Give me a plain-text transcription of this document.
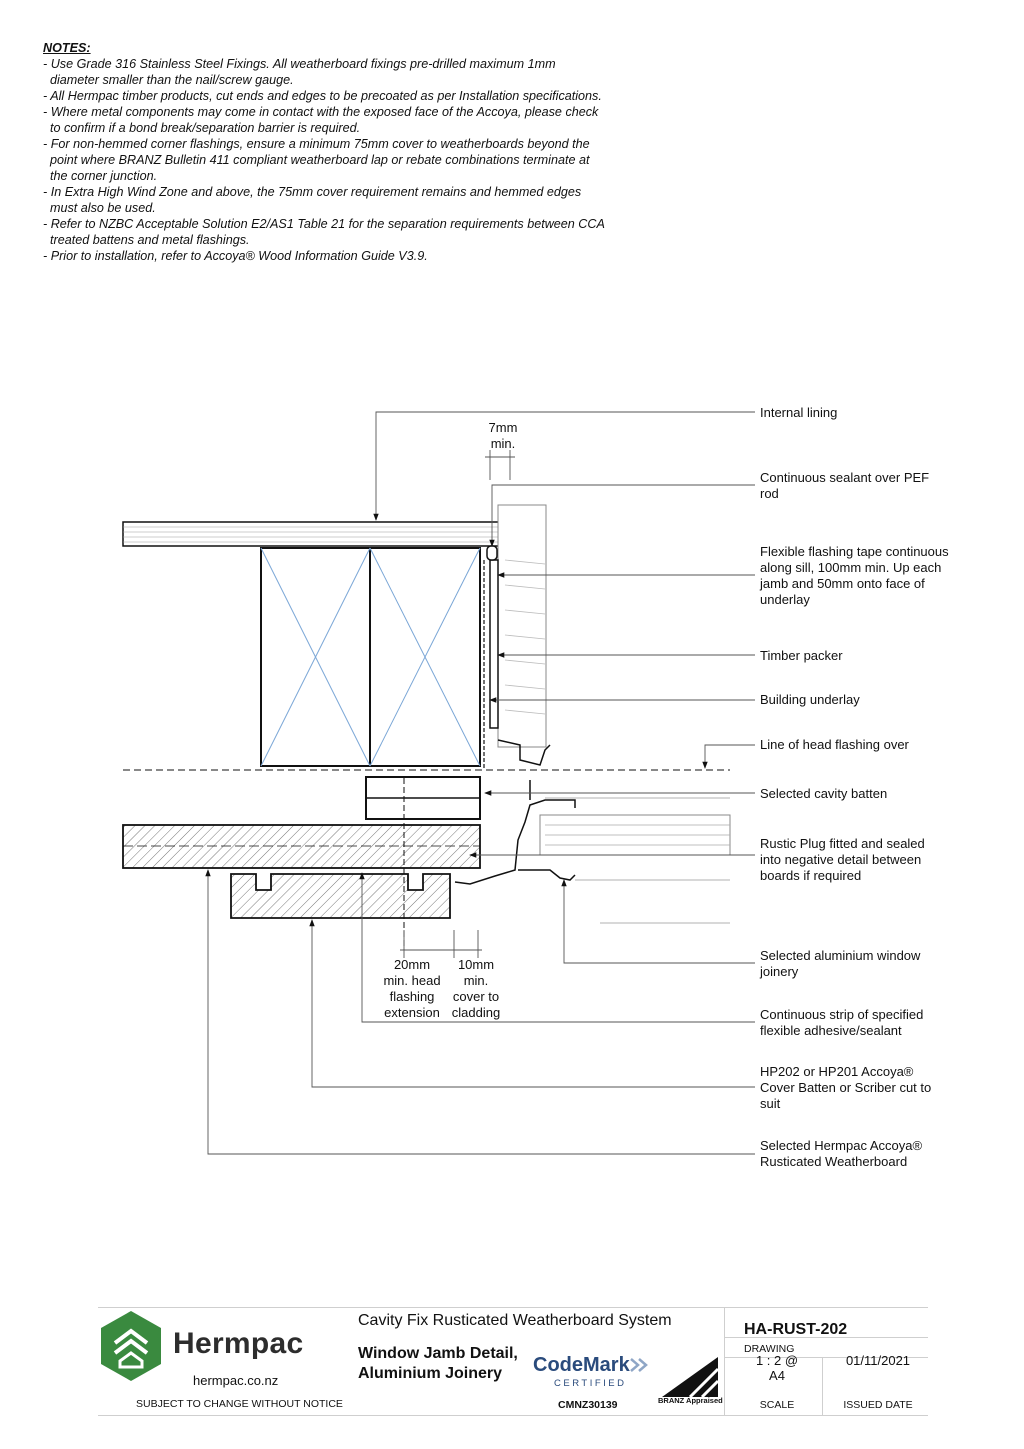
NOTES:
- Use Grade 316 Stainless Steel Fixings. All weatherboard fixings pre-drilled maximum 1mm
diameter smaller than the nail/screw gauge.
- All Hermpac timber products, cut ends and edges to be precoated as per Installation specifications.
- Where metal components may come in contact with the exposed face of the Accoya, please check
to confirm if a bond break/separation barrier is required.
- For non-hemmed corner flashings, ensure a minimum 75mm cover to weatherboards beyond the
point where BRANZ Bulletin 411 compliant weatherboard lap or rebate combinations terminate at
the corner junction.
- In Extra High Wind Zone and above, the 75mm cover requirement remains and hemmed edges
must also be used.
- Refer to NZBC Acceptable Solution E2/AS1 Table 21 for the separation requirements between CCA
treated battens and metal flashings.
- Prior to installation, refer to Accoya® Wood Information Guide V3.9.
7mm
min.
20mm
min. head
flashing
extension
10mm
min.
cover to
cladding
Internal lining
Continuous sealant over PEF rod
Flexible flashing tape continuous along sill, 100mm min. Up each jamb and 50mm onto face of underlay
Timber packer
Building underlay
Line of head flashing over
Selected cavity batten
Rustic Plug fitted and sealed into negative detail between boards if required
Selected aluminium window joinery
Continuous strip of specified flexible adhesive/sealant
HP202 or HP201 Accoya® Cover Batten or Scriber cut to suit
Selected Hermpac Accoya® Rusticated Weatherboard
Hermpac
hermpac.co.nz
SUBJECT TO CHANGE WITHOUT NOTICE
Cavity Fix Rusticated Weatherboard System
Window Jamb Detail, Aluminium Joinery	CodeMark
CERTIFIED
CMNZ30139	BRANZ Appraised
HA-RUST-202
DRAWING
1 : 2 @ A4
SCALE
01/11/2021
ISSUED DATE
